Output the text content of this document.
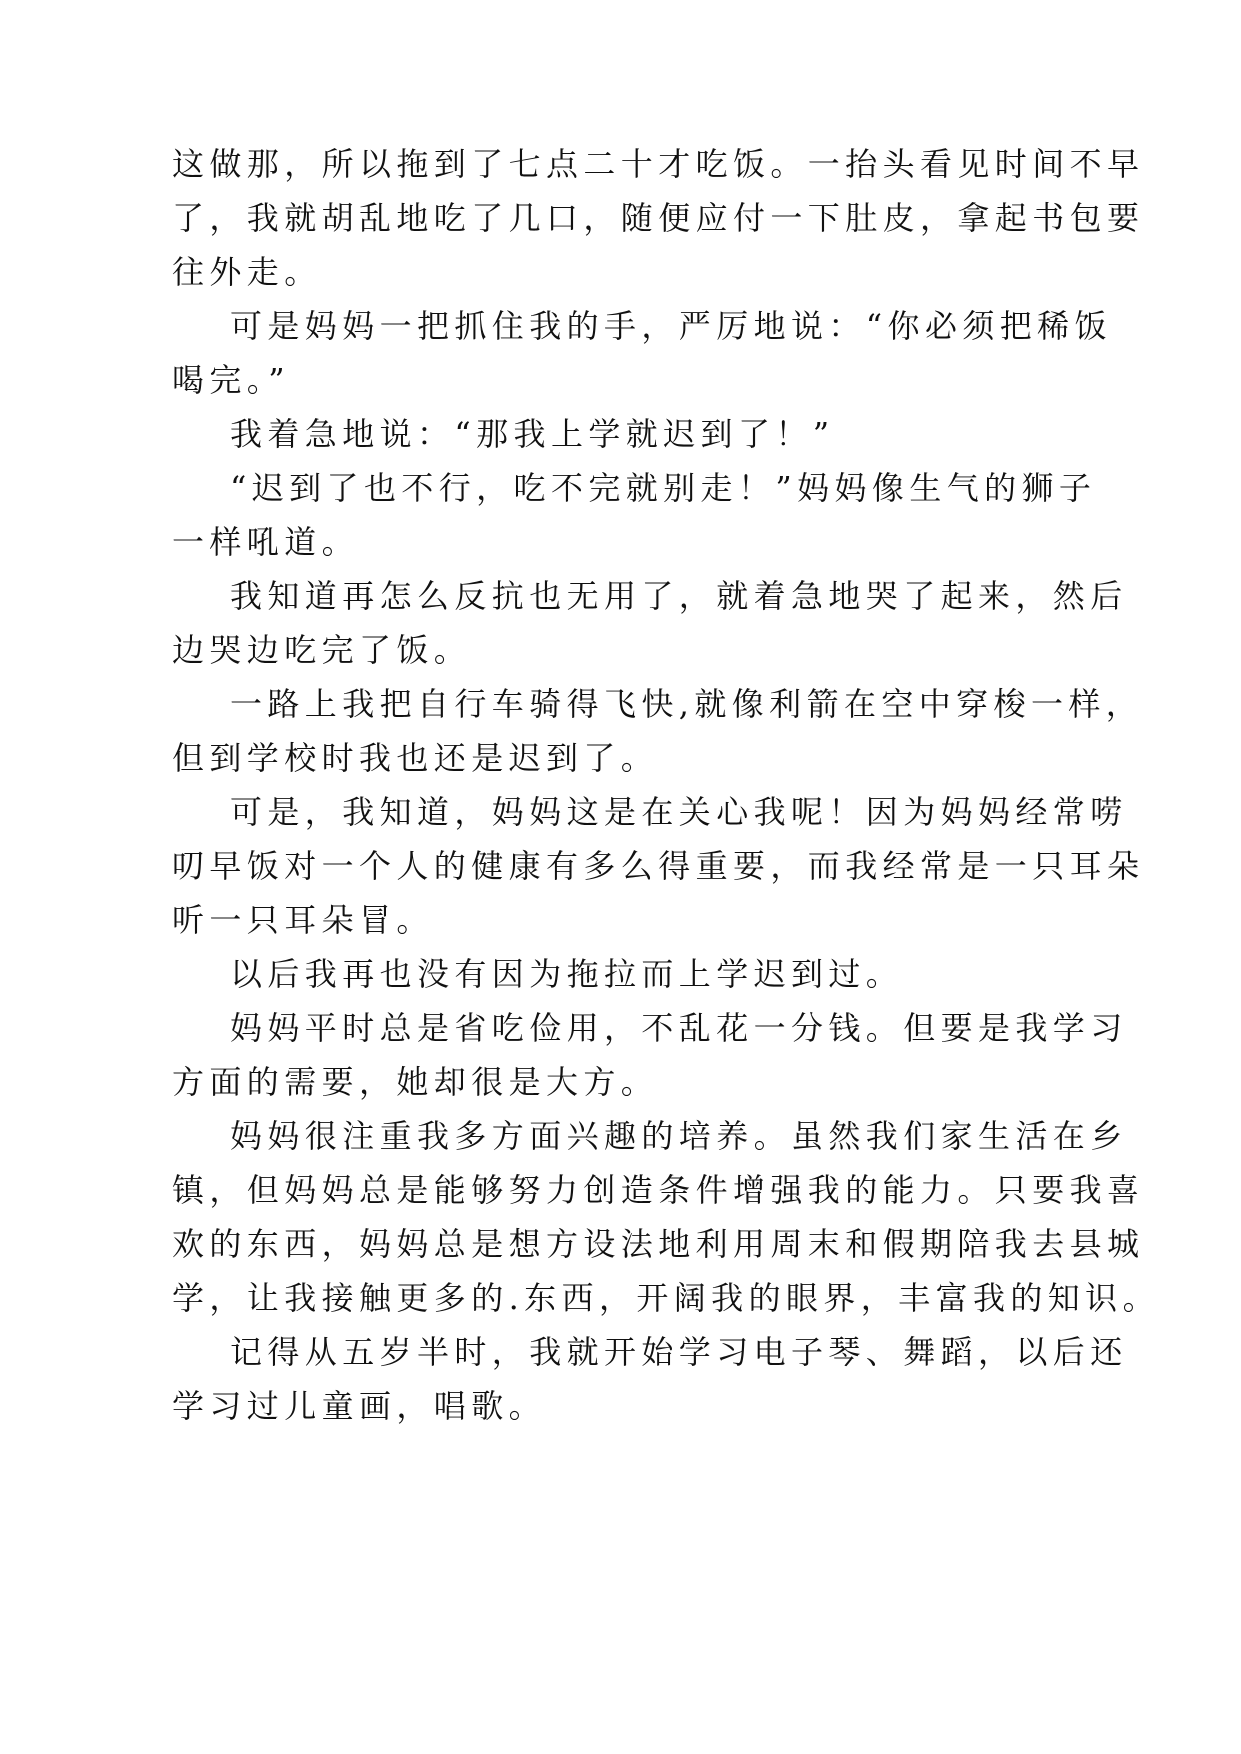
这做那，所以拖到了七点二十才吃饭。一抬头看见时间不早
了，我就胡乱地吃了几口，随便应付一下肚皮，拿起书包要
往外走。
可是妈妈一把抓住我的手，严厉地说：“你必须把稀饭
喝完。”
我着急地说：“那我上学就迟到了！”
“迟到了也不行，吃不完就别走！”妈妈像生气的狮子
一样吼道。
我知道再怎么反抗也无用了，就着急地哭了起来，然后
边哭边吃完了饭。
一路上我把自行车骑得飞快,就像利箭在空中穿梭一样，
但到学校时我也还是迟到了。
可是，我知道，妈妈这是在关心我呢！因为妈妈经常唠
叨早饭对一个人的健康有多么得重要，而我经常是一只耳朵
听一只耳朵冒。
以后我再也没有因为拖拉而上学迟到过。
妈妈平时总是省吃俭用，不乱花一分钱。但要是我学习
方面的需要，她却很是大方。
妈妈很注重我多方面兴趣的培养。虽然我们家生活在乡
镇，但妈妈总是能够努力创造条件增强我的能力。只要我喜
欢的东西，妈妈总是想方设法地利用周末和假期陪我去县城
学，让我接触更多的.东西，开阔我的眼界，丰富我的知识。
记得从五岁半时，我就开始学习电子琴、舞蹈，以后还
学习过儿童画，唱歌。
